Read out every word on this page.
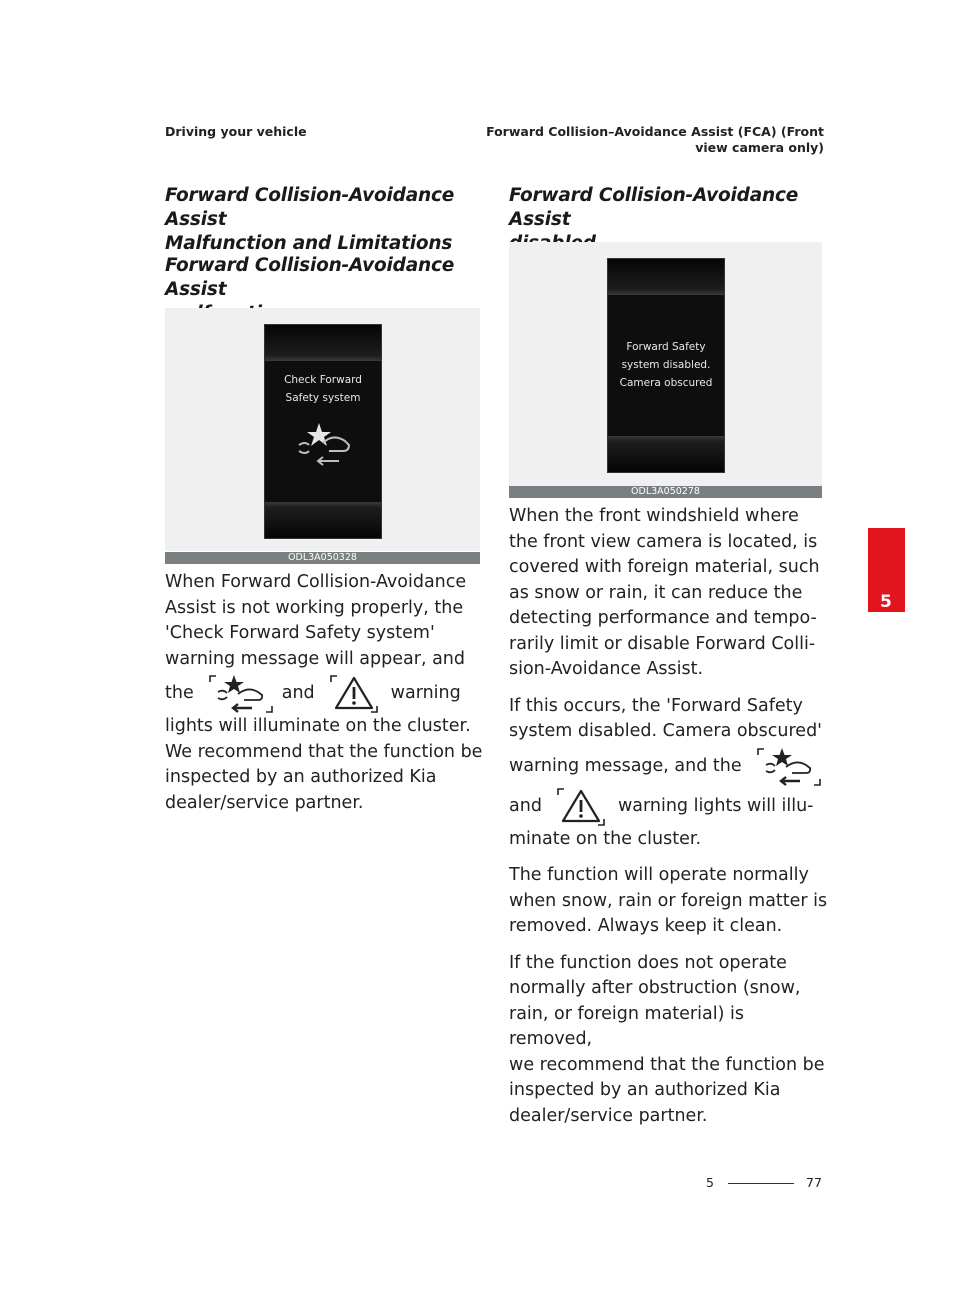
Driving your vehicle	Forward Collision–Avoidance Assist (FCA) (Front
view camera only)

Forward Collision-Avoidance Assist

Malfunction and Limitations

Forward Collision-Avoidance Assist

Check Forward
Safety system
ODL3A050328

When Forward Collision-Avoidance

Assist is not working properly, the

'Check Forward Safety system'

warning message will appear, and

the	and	warning

lights will illuminate on the cluster.

We recommend that the function be

inspected by an authorized Kia

dealer/service partner.

Forward Collision-Avoidance Assist

Forward Safety
system disabled.
Camera obscured
ODL3A050278

When the front windshield where

the front view camera is located, is

covered with foreign material, such

as snow or rain, it can reduce the

detecting performance and tempo-

rarily limit or disable Forward Colli-

sion-Avoidance Assist.

If this occurs, the 'Forward Safety

system disabled. Camera obscured'

warning message, and the
and	warning lights will illu-

minate on the cluster.

The function will operate normally

when snow, rain or foreign matter is

removed. Always keep it clean.

If the function does not operate

normally after obstruction (snow,

rain, or foreign material) is removed,

we recommend that the function be

inspected by an authorized Kia

dealer/service partner.

5
5	77
